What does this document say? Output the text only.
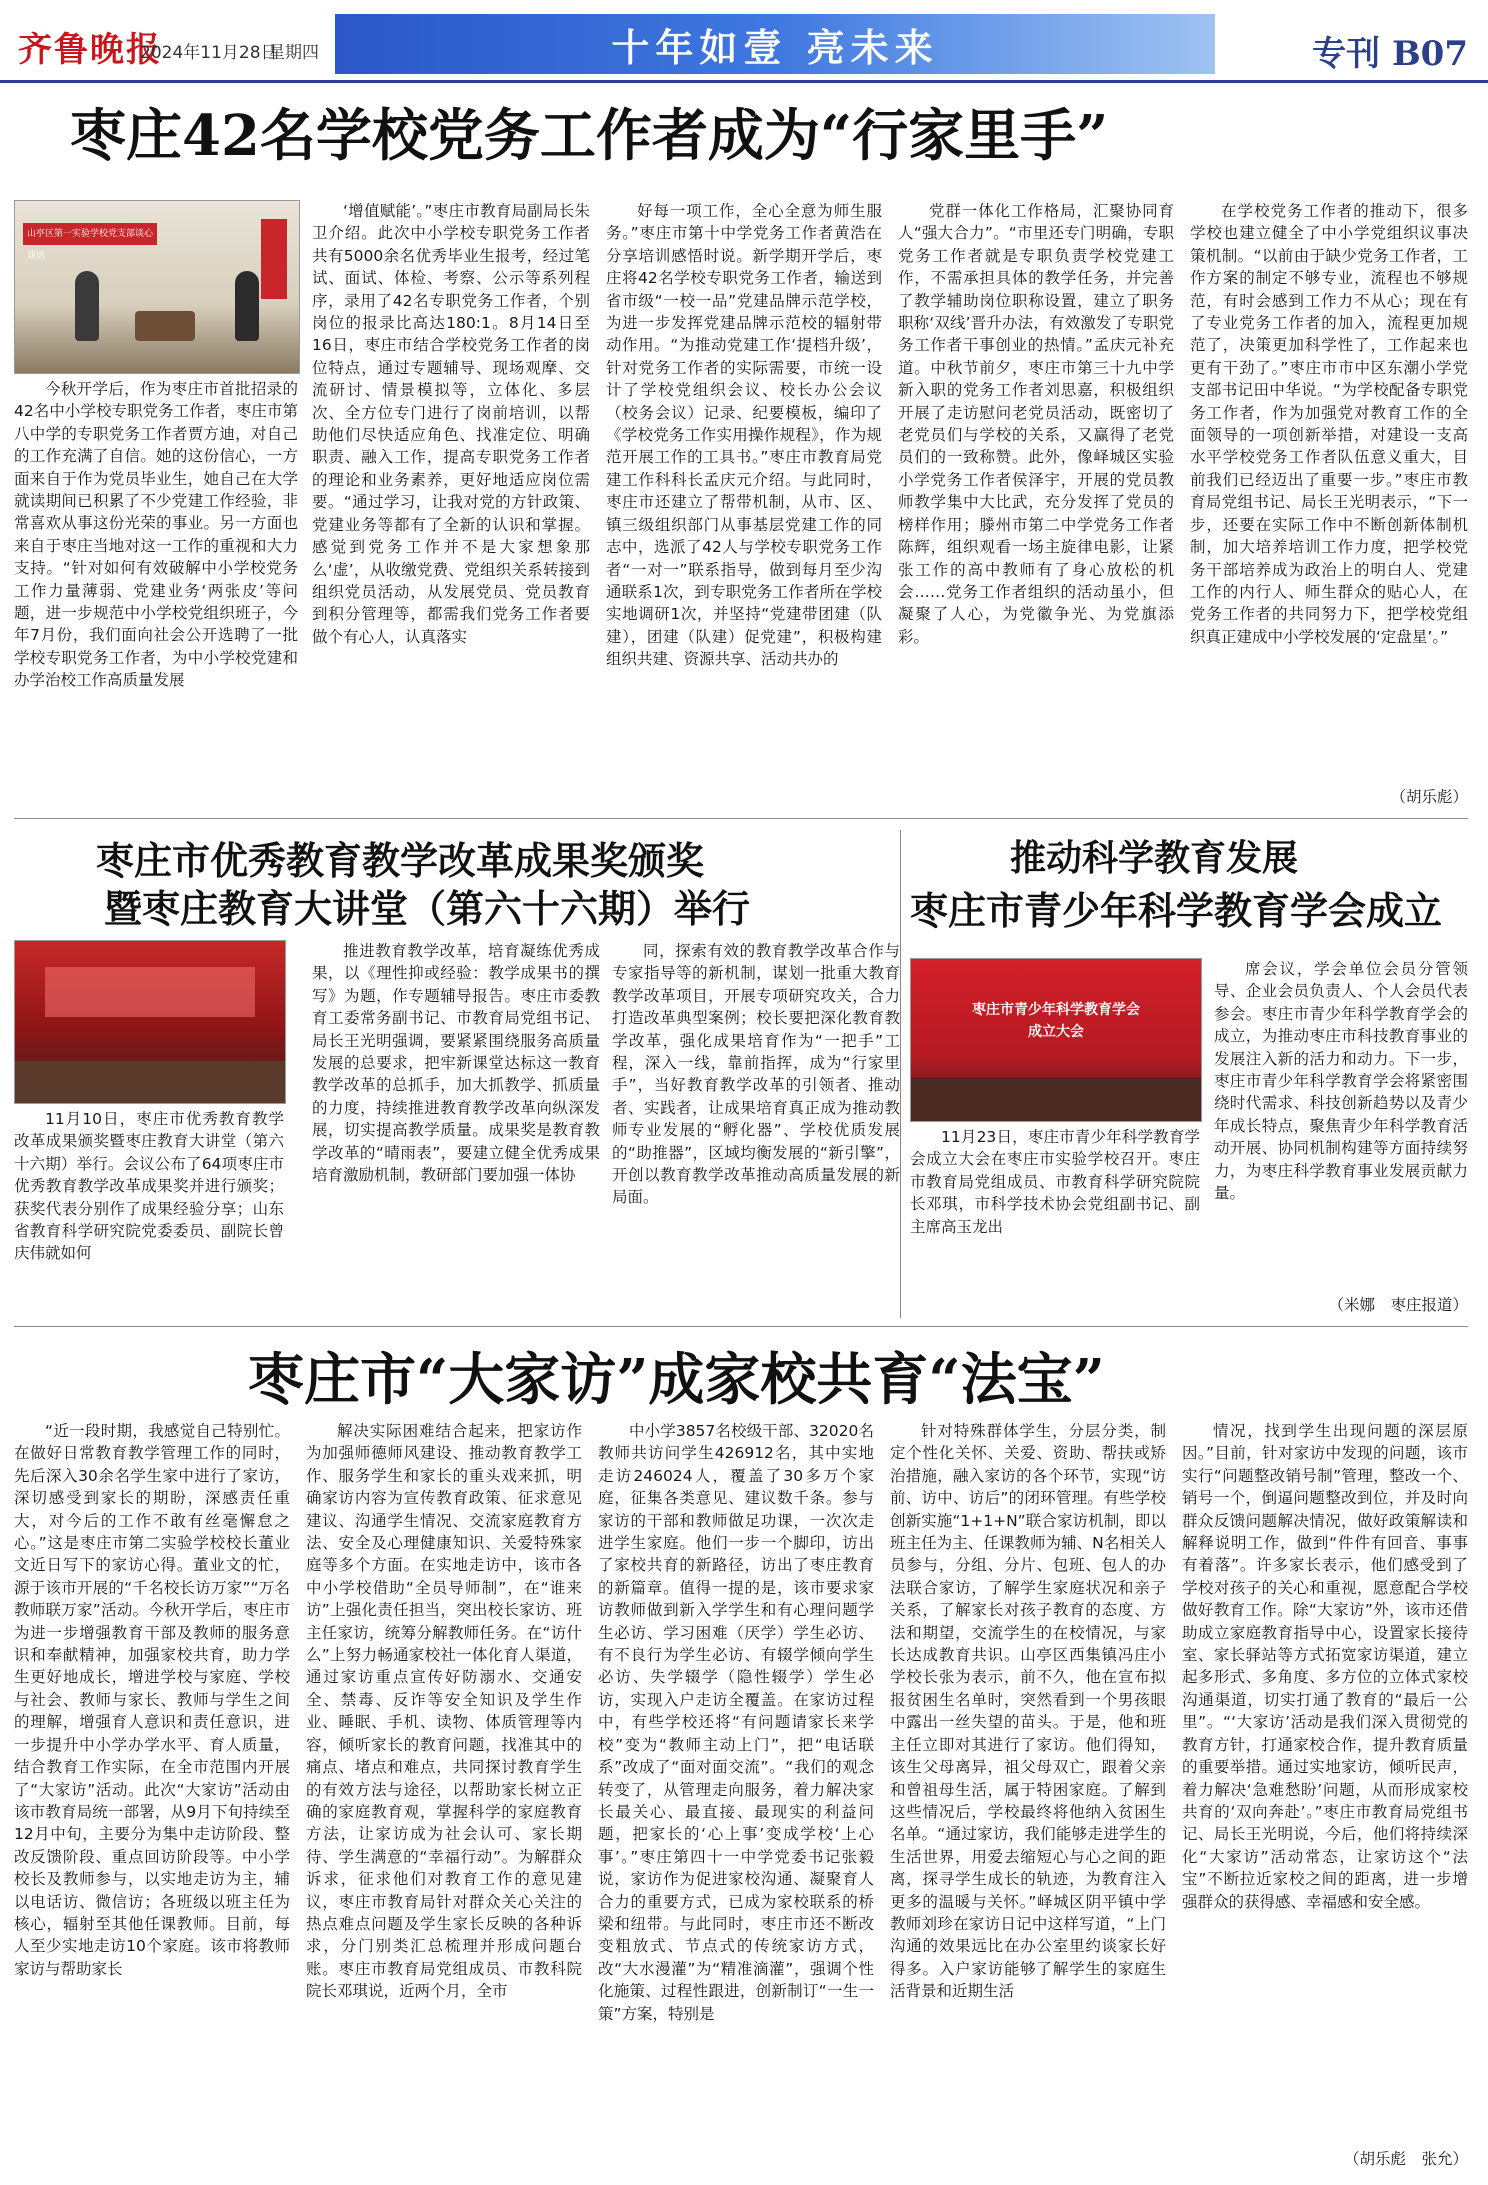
齐鲁晚报
2024年11月28日
星期四	十年如壹 亮未来	专刊 B07
枣庄42名学校党务工作者成为“行家里手”
山亭区第一实验学校党支部谈心谈话

今秋开学后，作为枣庄市首批招录的42名中小学校专职党务工作者，枣庄市第八中学的专职党务工作者贾方迪，对自己的工作充满了自信。她的这份信心，一方面来自于作为党员毕业生，她自己在大学就读期间已积累了不少党建工作经验，非常喜欢从事这份光荣的事业。另一方面也来自于枣庄当地对这一工作的重视和大力支持。“针对如何有效破解中小学校党务工作力量薄弱、党建业务‘两张皮’等问题，进一步规范中小学校党组织班子，今年7月份，我们面向社会公开选聘了一批学校专职党务工作者，为中小学校党建和办学治校工作高质量发展

‘增值赋能’。”枣庄市教育局副局长朱卫介绍。此次中小学校专职党务工作者共有5000余名优秀毕业生报考，经过笔试、面试、体检、考察、公示等系列程序，录用了42名专职党务工作者，个别岗位的报录比高达180:1。8月14日至16日，枣庄市结合学校党务工作者的岗位特点，通过专题辅导、现场观摩、交流研讨、情景模拟等，立体化、多层次、全方位专门进行了岗前培训，以帮助他们尽快适应角色、找准定位、明确职责、融入工作，提高专职党务工作者的理论和业务素养，更好地适应岗位需要。“通过学习，让我对党的方针政策、党建业务等都有了全新的认识和掌握。感觉到党务工作并不是大家想象那么‘虚’，从收缴党费、党组织关系转接到组织党员活动，从发展党员、党员教育到积分管理等，都需我们党务工作者要做个有心人，认真落实

好每一项工作，全心全意为师生服务。”枣庄市第十中学党务工作者黄浩在分享培训感悟时说。新学期开学后，枣庄将42名学校专职党务工作者，输送到省市级“一校一品”党建品牌示范学校，为进一步发挥党建品牌示范校的辐射带动作用。“为推动党建工作‘提档升级’，针对党务工作者的实际需要，市统一设计了学校党组织会议、校长办公会议（校务会议）记录、纪要模板，编印了《学校党务工作实用操作规程》，作为规范开展工作的工具书。”枣庄市教育局党建工作科科长孟庆元介绍。与此同时，枣庄市还建立了帮带机制，从市、区、镇三级组织部门从事基层党建工作的同志中，选派了42人与学校专职党务工作者“一对一”联系指导，做到每月至少沟通联系1次，到专职党务工作者所在学校实地调研1次，并坚持“党建带团建（队建），团建（队建）促党建”，积极构建组织共建、资源共享、活动共办的

党群一体化工作格局，汇聚协同育人“强大合力”。“市里还专门明确，专职党务工作者就是专职负责学校党建工作，不需承担具体的教学任务，并完善了教学辅助岗位职称设置，建立了职务职称‘双线’晋升办法，有效激发了专职党务工作者干事创业的热情。”孟庆元补充道。中秋节前夕，枣庄市第三十九中学新入职的党务工作者刘思嘉，积极组织开展了走访慰问老党员活动，既密切了老党员们与学校的关系，又赢得了老党员们的一致称赞。此外，像峄城区实验小学党务工作者侯泽宇，开展的党员教师教学集中大比武，充分发挥了党员的榜样作用；滕州市第二中学党务工作者陈辉，组织观看一场主旋律电影，让紧张工作的高中教师有了身心放松的机会……党务工作者组织的活动虽小，但凝聚了人心，为党徽争光、为党旗添彩。

在学校党务工作者的推动下，很多学校也建立健全了中小学党组织议事决策机制。“以前由于缺少党务工作者，工作方案的制定不够专业，流程也不够规范，有时会感到工作力不从心；现在有了专业党务工作者的加入，流程更加规范了，决策更加科学性了，工作起来也更有干劲了。”枣庄市市中区东潮小学党支部书记田中华说。“为学校配备专职党务工作者，作为加强党对教育工作的全面领导的一项创新举措，对建设一支高水平学校党务工作者队伍意义重大，目前我们已经迈出了重要一步。”枣庄市教育局党组书记、局长王光明表示，“下一步，还要在实际工作中不断创新体制机制，加大培养培训工作力度，把学校党务干部培养成为政治上的明白人、党建工作的内行人、师生群众的贴心人，在党务工作者的共同努力下，把学校党组织真正建成中小学校发展的‘定盘星’。”

（胡乐彪）
枣庄市优秀教育教学改革成果奖颁奖
暨枣庄教育大讲堂（第六十六期）举行

11月10日，枣庄市优秀教育教学改革成果颁奖暨枣庄教育大讲堂（第六十六期）举行。会议公布了64项枣庄市优秀教育教学改革成果奖并进行颁奖；获奖代表分别作了成果经验分享；山东省教育科学研究院党委委员、副院长曾庆伟就如何

推进教育教学改革，培育凝练优秀成果，以《理性抑或经验：教学成果书的撰写》为题，作专题辅导报告。枣庄市委教育工委常务副书记、市教育局党组书记、局长王光明强调，要紧紧围绕服务高质量发展的总要求，把牢新课堂达标这一教育教学改革的总抓手，加大抓教学、抓质量的力度，持续推进教育教学改革向纵深发展，切实提高教学质量。成果奖是教育教学改革的“晴雨表”，要建立健全优秀成果培育激励机制，教研部门要加强一体协

同，探索有效的教育教学改革合作与专家指导等的新机制，谋划一批重大教育教学改革项目，开展专项研究攻关，合力打造改革典型案例；校长要把深化教育教学改革，强化成果培育作为“一把手”工程，深入一线，靠前指挥，成为“行家里手”，当好教育教学改革的引领者、推动者、实践者，让成果培育真正成为推动教师专业发展的“孵化器”、学校优质发展的“助推器”，区域均衡发展的“新引擎”，开创以教育教学改革推动高质量发展的新局面。

推动科学教育发展
枣庄市青少年科学教育学会成立
枣庄市青少年科学教育学会
成立大会

11月23日，枣庄市青少年科学教育学会成立大会在枣庄市实验学校召开。枣庄市教育局党组成员、市教育科学研究院院长邓琪，市科学技术协会党组副书记、副主席高玉龙出

席会议，学会单位会员分管领导、企业会员负责人、个人会员代表参会。枣庄市青少年科学教育学会的成立，为推动枣庄市科技教育事业的发展注入新的活力和动力。下一步，枣庄市青少年科学教育学会将紧密围绕时代需求、科技创新趋势以及青少年成长特点，聚焦青少年科学教育活动开展、协同机制构建等方面持续努力，为枣庄科学教育事业发展贡献力量。

（米娜　枣庄报道）
枣庄市“大家访”成家校共育“法宝”

“近一段时期，我感觉自己特别忙。在做好日常教育教学管理工作的同时，先后深入30余名学生家中进行了家访，深切感受到家长的期盼，深感责任重大，对今后的工作不敢有丝毫懈怠之心。”这是枣庄市第二实验学校校长董业文近日写下的家访心得。董业文的忙，源于该市开展的“千名校长访万家”“万名教师联万家”活动。今秋开学后，枣庄市为进一步增强教育干部及教师的服务意识和奉献精神，加强家校共育，助力学生更好地成长，增进学校与家庭、学校与社会、教师与家长、教师与学生之间的理解，增强育人意识和责任意识，进一步提升中小学办学水平、育人质量，结合教育工作实际，在全市范围内开展了“大家访”活动。此次“大家访”活动由该市教育局统一部署，从9月下旬持续至12月中旬，主要分为集中走访阶段、整改反馈阶段、重点回访阶段等。中小学校长及教师参与，以实地走访为主，辅以电话访、微信访；各班级以班主任为核心，辐射至其他任课教师。目前，每人至少实地走访10个家庭。该市将教师家访与帮助家长

解决实际困难结合起来，把家访作为加强师德师风建设、推动教育教学工作、服务学生和家长的重头戏来抓，明确家访内容为宣传教育政策、征求意见建议、沟通学生情况、交流家庭教育方法、安全及心理健康知识、关爱特殊家庭等多个方面。在实地走访中，该市各中小学校借助“全员导师制”，在“谁来访”上强化责任担当，突出校长家访、班主任家访，统筹分解教师任务。在“访什么”上努力畅通家校社一体化育人渠道，通过家访重点宣传好防溺水、交通安全、禁毒、反诈等安全知识及学生作业、睡眠、手机、读物、体质管理等内容，倾听家长的教育问题，找准其中的痛点、堵点和难点，共同探讨教育学生的有效方法与途径，以帮助家长树立正确的家庭教育观，掌握科学的家庭教育方法，让家访成为社会认可、家长期待、学生满意的“幸福行动”。为解群众诉求，征求他们对教育工作的意见建议，枣庄市教育局针对群众关心关注的热点难点问题及学生家长反映的各种诉求，分门别类汇总梳理并形成问题台账。枣庄市教育局党组成员、市教科院院长邓琪说，近两个月，全市

中小学3857名校级干部、32020名教师共访问学生426912名，其中实地走访246024人，覆盖了30多万个家庭，征集各类意见、建议数千条。参与家访的干部和教师做足功课，一次次走进学生家庭。他们一步一个脚印，访出了家校共育的新路径，访出了枣庄教育的新篇章。值得一提的是，该市要求家访教师做到新入学学生和有心理问题学生必访、学习困难（厌学）学生必访、有不良行为学生必访、有辍学倾向学生必访、失学辍学（隐性辍学）学生必访，实现入户走访全覆盖。在家访过程中，有些学校还将“有问题请家长来学校”变为“教师主动上门”，把“电话联系”改成了“面对面交流”。“我们的观念转变了，从管理走向服务，着力解决家长最关心、最直接、最现实的利益问题，把家长的‘心上事’变成学校‘上心事’。”枣庄第四十一中学党委书记张毅说，家访作为促进家校沟通、凝聚育人合力的重要方式，已成为家校联系的桥梁和纽带。与此同时，枣庄市还不断改变粗放式、节点式的传统家访方式，改“大水漫灌”为“精准滴灌”，强调个性化施策、过程性跟进，创新制订“一生一策”方案，特别是

针对特殊群体学生，分层分类，制定个性化关怀、关爱、资助、帮扶或矫治措施，融入家访的各个环节，实现“访前、访中、访后”的闭环管理。有些学校创新实施“1+1+N”联合家访机制，即以班主任为主、任课教师为辅、N名相关人员参与，分组、分片、包班、包人的办法联合家访，了解学生家庭状况和亲子关系，了解家长对孩子教育的态度、方法和期望，交流学生的在校情况，与家长达成教育共识。山亭区西集镇冯庄小学校长张为表示，前不久，他在宣布拟报贫困生名单时，突然看到一个男孩眼中露出一丝失望的苗头。于是，他和班主任立即对其进行了家访。他们得知，该生父母离异，祖父母双亡，跟着父亲和曾祖母生活，属于特困家庭。了解到这些情况后，学校最终将他纳入贫困生名单。“通过家访，我们能够走进学生的生活世界，用爱去缩短心与心之间的距离，探寻学生成长的轨迹，为教育注入更多的温暖与关怀。”峄城区阴平镇中学教师刘珍在家访日记中这样写道，“上门沟通的效果远比在办公室里约谈家长好得多。入户家访能够了解学生的家庭生活背景和近期生活

情况，找到学生出现问题的深层原因。”目前，针对家访中发现的问题，该市实行“问题整改销号制”管理，整改一个、销号一个，倒逼问题整改到位，并及时向群众反馈问题解决情况，做好政策解读和解释说明工作，做到“件件有回音、事事有着落”。许多家长表示，他们感受到了学校对孩子的关心和重视，愿意配合学校做好教育工作。除“大家访”外，该市还借助成立家庭教育指导中心，设置家长接待室、家长驿站等方式拓宽家访渠道，建立起多形式、多角度、多方位的立体式家校沟通渠道，切实打通了教育的“最后一公里”。“‘大家访’活动是我们深入贯彻党的教育方针，打通家校合作，提升教育质量的重要举措。通过实地家访，倾听民声，着力解决‘急难愁盼’问题，从而形成家校共育的‘双向奔赴’。”枣庄市教育局党组书记、局长王光明说，今后，他们将持续深化“大家访”活动常态，让家访这个“法宝”不断拉近家校之间的距离，进一步增强群众的获得感、幸福感和安全感。

（胡乐彪　张允）
